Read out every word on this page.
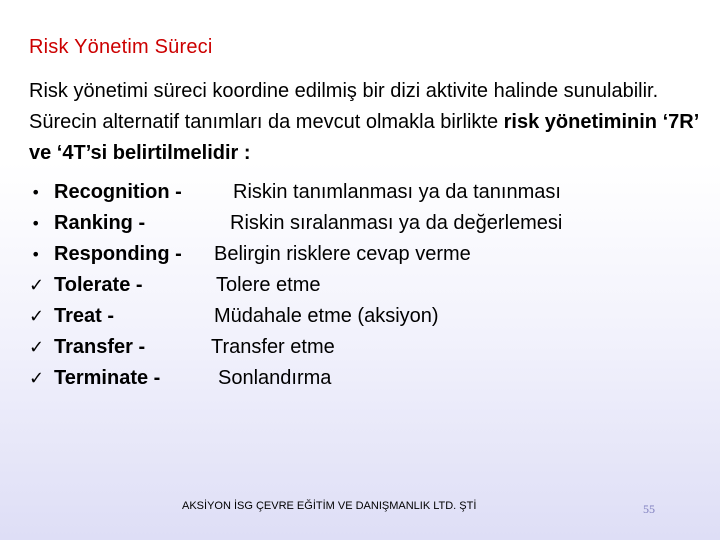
Risk Yönetim Süreci
Risk yönetimi süreci koordine edilmiş bir dizi aktivite halinde sunulabilir. Sürecin alternatif tanımları da mevcut olmakla birlikte risk yönetiminin ‘7R’ ve ‘4T’si belirtilmelidir :
• Recognition -	Riskin tanımlanması ya da tanınması
• Ranking -	Riskin sıralanması ya da değerlemesi
• Responding - Belirgin risklere cevap verme
✓ Tolerate -	Tolere etme
✓ Treat -	Müdahale etme (aksiyon)
✓ Transfer -	Transfer etme
✓ Terminate -	Sonlandırma
AKSİYON İSG ÇEVRE EĞİTİM VE DANIŞMANLIK LTD. ŞTİ	55
